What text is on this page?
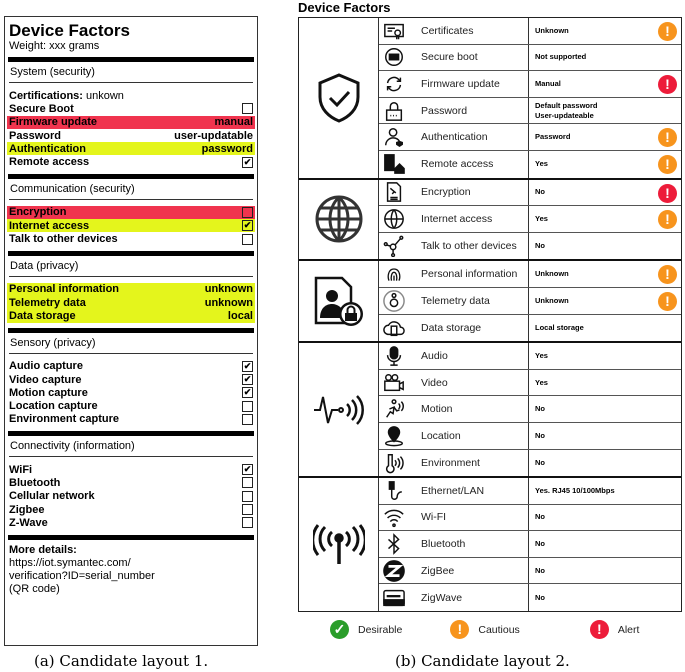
Device Factors
Weight: xxx grams
System (security)
Certifications: unkown
Secure Boot
Firmware update	manual
Password	user-updatable
Authentication	password
Remote access	✔
Communication (security)
Encryption
Internet access	✔
Talk to other devices
Data (privacy)
Personal information	unknown
Telemetry data	unknown
Data storage	local
Sensory (privacy)
Audio capture	✔
Video capture	✔
Motion capture	✔
Location capture
Environment capture
Connectivity (information)
WiFi	✔
Bluetooth
Cellular network
Zigbee
Z-Wave
More details:
https://iot.symantec.com/
verification?ID=serial_number
(QR code)
(a) Candidate layout 1.
Device Factors
Certificates	Unknown	!
Secure boot	Not supported
Firmware update	Manual	!
Password	Default password
User-updateable
Authentication	Password	!
Remote access	Yes	!
Encryption	No	!
Internet access	Yes	!
Talk to other devices	No
Personal information	Unknown	!
Telemetry data	Unknown	!
Data storage	Local storage
Audio	Yes
Video	Yes
Motion	No
Location	No
Environment	No
Ethernet/LAN	Yes. RJ45 10/100Mbps
Wi-FI	No
Bluetooth	No
ZigBee	No
ZigWave	No
✓	Desirable	!	Cautious	!	Alert
(b) Candidate layout 2.
